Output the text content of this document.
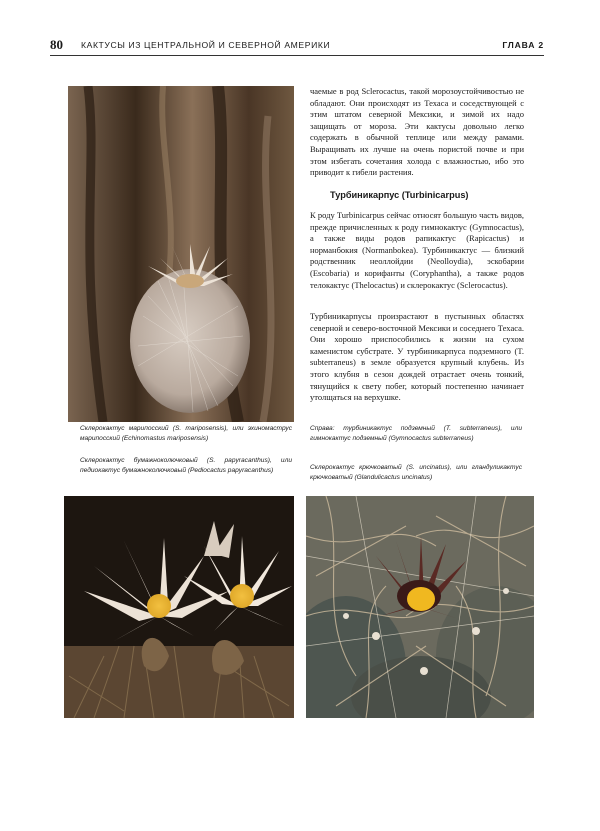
80 КАКТУСЫ ИЗ ЦЕНТРАЛЬНОЙ И СЕВЕРНОЙ АМЕРИКИ	ГЛАВА 2

чаемые в род Sclerocactus, такой морозоустойчивостью не обладают. Они происходят из Техаса и соседствующей с этим штатом северной Мексики, и зимой их надо защищать от мороза. Эти кактусы довольно легко содержать в обычной теплице или между рамами. Выращивать их лучше на очень пористой почве и при этом избегать сочетания холода с влажностью, ибо это приводит к гибели растения.

Турбиникарпус (Turbinicarpus)

К роду Turbinicarpus сейчас относят большую часть видов, прежде причисленных к роду гимнокактус (Gymnocactus), а также виды родов рапикактус (Rapicactus) и норманбокия (Normanbokea). Турбиникактус — близкий родственник неоллойдии (Neolloydia), эскобарии (Escobaria) и корифанты (Coryphantha), а также родов телокактус (Thelocactus) и склерокактус (Sclerocactus).

Турбиникарпусы произрастают в пустынных областях северной и северо-восточной Мексики и соседнего Техаса. Они хорошо приспособились к жизни на сухом каменистом субстрате. У турбиникарпуса подземного (T. subterraneus) в земле образуется крупный клубень. Из этого клубня в сезон дождей отрастает очень тонкий, тянущийся к свету побег, который постепенно начинает утолщаться на верхушке.

Склерокактус марипосский (S. mariposensis), или эхиномаструс марипосский (Echinomastus mariposensis)

Справа: турбиникактус подземный (T. subterraneus), или гимнокактус подземный (Gymnocactus subterraneus)

Склерокактус бумажноколючковый (S. papyracanthus), или педиокактус бумажноколючковый (Pediocactus papyracanthus)	Склерокактус крючковатый (S. uncinatus), или гландуликактус крючковатый (Glandulicactus uncinatus)
